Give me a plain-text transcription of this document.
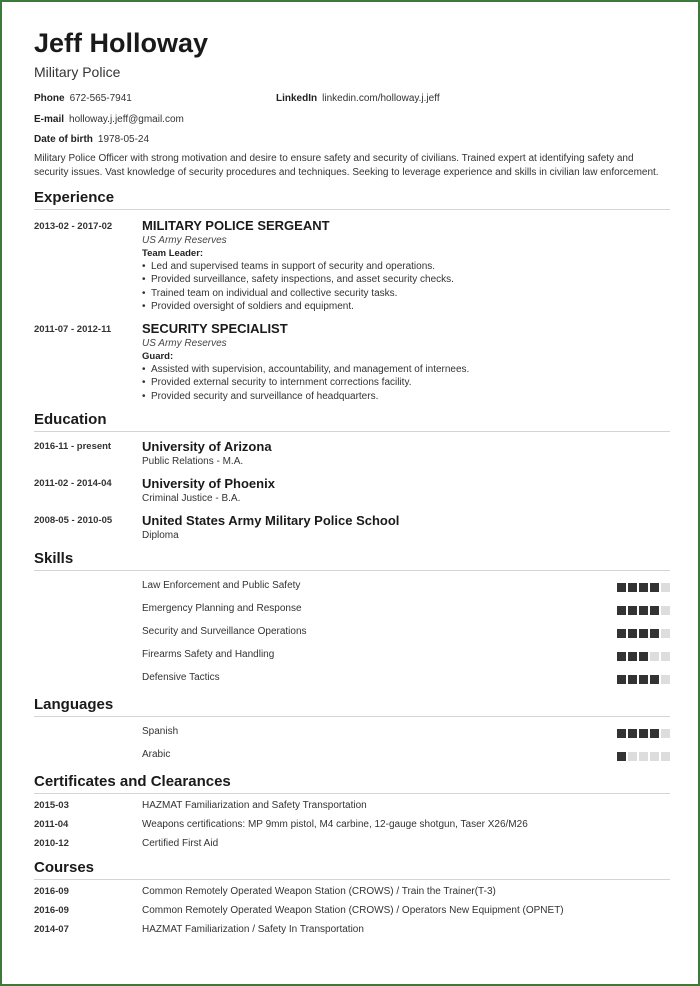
Jeff Holloway
Military Police
Phone 672-565-7941
E-mail holloway.j.jeff@gmail.com
Date of birth 1978-05-24
LinkedIn linkedin.com/holloway.j.jeff
Military Police Officer with strong motivation and desire to ensure safety and security of civilians. Trained expert at identifying safety and security issues. Vast knowledge of security procedures and techniques. Seeking to leverage experience and skills in civilian law enforcement.
Experience
2013-02 - 2017-02 MILITARY POLICE SERGEANT
US Army Reserves
Team Leader:
• Led and supervised teams in support of security and operations.
• Provided surveillance, safety inspections, and asset security checks.
• Trained team on individual and collective security tasks.
• Provided oversight of soldiers and equipment.
2011-07 - 2012-11 SECURITY SPECIALIST
US Army Reserves
Guard:
• Assisted with supervision, accountability, and management of internees.
• Provided external security to internment corrections facility.
• Provided security and surveillance of headquarters.
Education
2016-11 - present University of Arizona
Public Relations - M.A.
2011-02 - 2014-04 University of Phoenix
Criminal Justice - B.A.
2008-05 - 2010-05 United States Army Military Police School
Diploma
Skills
Law Enforcement and Public Safety
Emergency Planning and Response
Security and Surveillance Operations
Firearms Safety and Handling
Defensive Tactics
Languages
Spanish
Arabic
Certificates and Clearances
2015-03	HAZMAT Familiarization and Safety Transportation
2011-04	Weapons certifications: MP 9mm pistol, M4 carbine, 12-gauge shotgun, Taser X26/M26
2010-12	Certified First Aid
Courses
2016-09	Common Remotely Operated Weapon Station (CROWS) / Train the Trainer(T-3)
2016-09	Common Remotely Operated Weapon Station (CROWS) / Operators New Equipment (OPNET)
2014-07	HAZMAT Familiarization / Safety In Transportation
